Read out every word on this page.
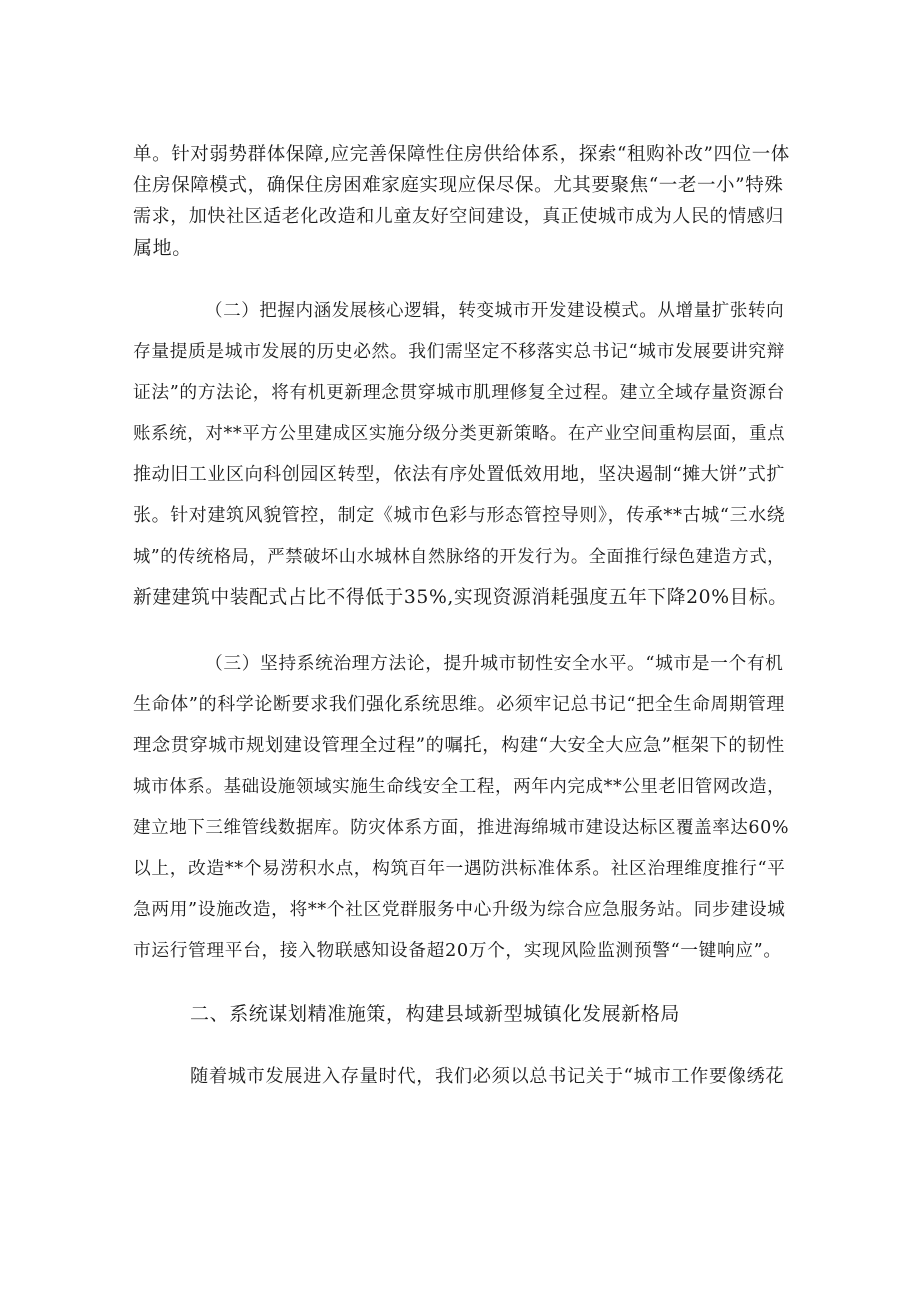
单。针对弱势群体保障,应完善保障性住房供给体系，探索“租购补改”四位一体
住房保障模式，确保住房困难家庭实现应保尽保。尤其要聚焦“一老一小”特殊
需求，加快社区适老化改造和儿童友好空间建设，真正使城市成为人民的情感归
属地。
（二）把握内涵发展核心逻辑，转变城市开发建设模式。从增量扩张转向
存量提质是城市发展的历史必然。我们需坚定不移落实总书记“城市发展要讲究辩
证法”的方法论，将有机更新理念贯穿城市肌理修复全过程。建立全域存量资源台
账系统，对**平方公里建成区实施分级分类更新策略。在产业空间重构层面，重点
推动旧工业区向科创园区转型，依法有序处置低效用地，坚决遏制“摊大饼”式扩
张。针对建筑风貌管控，制定《城市色彩与形态管控导则》，传承**古城“三水绕
城”的传统格局，严禁破坏山水城林自然脉络的开发行为。全面推行绿色建造方式，
新建建筑中装配式占比不得低于35%,实现资源消耗强度五年下降20%目标。
（三）坚持系统治理方法论，提升城市韧性安全水平。“城市是一个有机
生命体”的科学论断要求我们强化系统思维。必须牢记总书记“把全生命周期管理
理念贯穿城市规划建设管理全过程”的嘱托，构建“大安全大应急”框架下的韧性
城市体系。基础设施领域实施生命线安全工程，两年内完成**公里老旧管网改造，
建立地下三维管线数据库。防灾体系方面，推进海绵城市建设达标区覆盖率达60%
以上，改造**个易涝积水点，构筑百年一遇防洪标准体系。社区治理维度推行“平
急两用”设施改造，将**个社区党群服务中心升级为综合应急服务站。同步建设城
市运行管理平台，接入物联感知设备超20万个，实现风险监测预警“一键响应”。
二、系统谋划精准施策，构建县域新型城镇化发展新格局
随着城市发展进入存量时代，我们必须以总书记关于“城市工作要像绣花
